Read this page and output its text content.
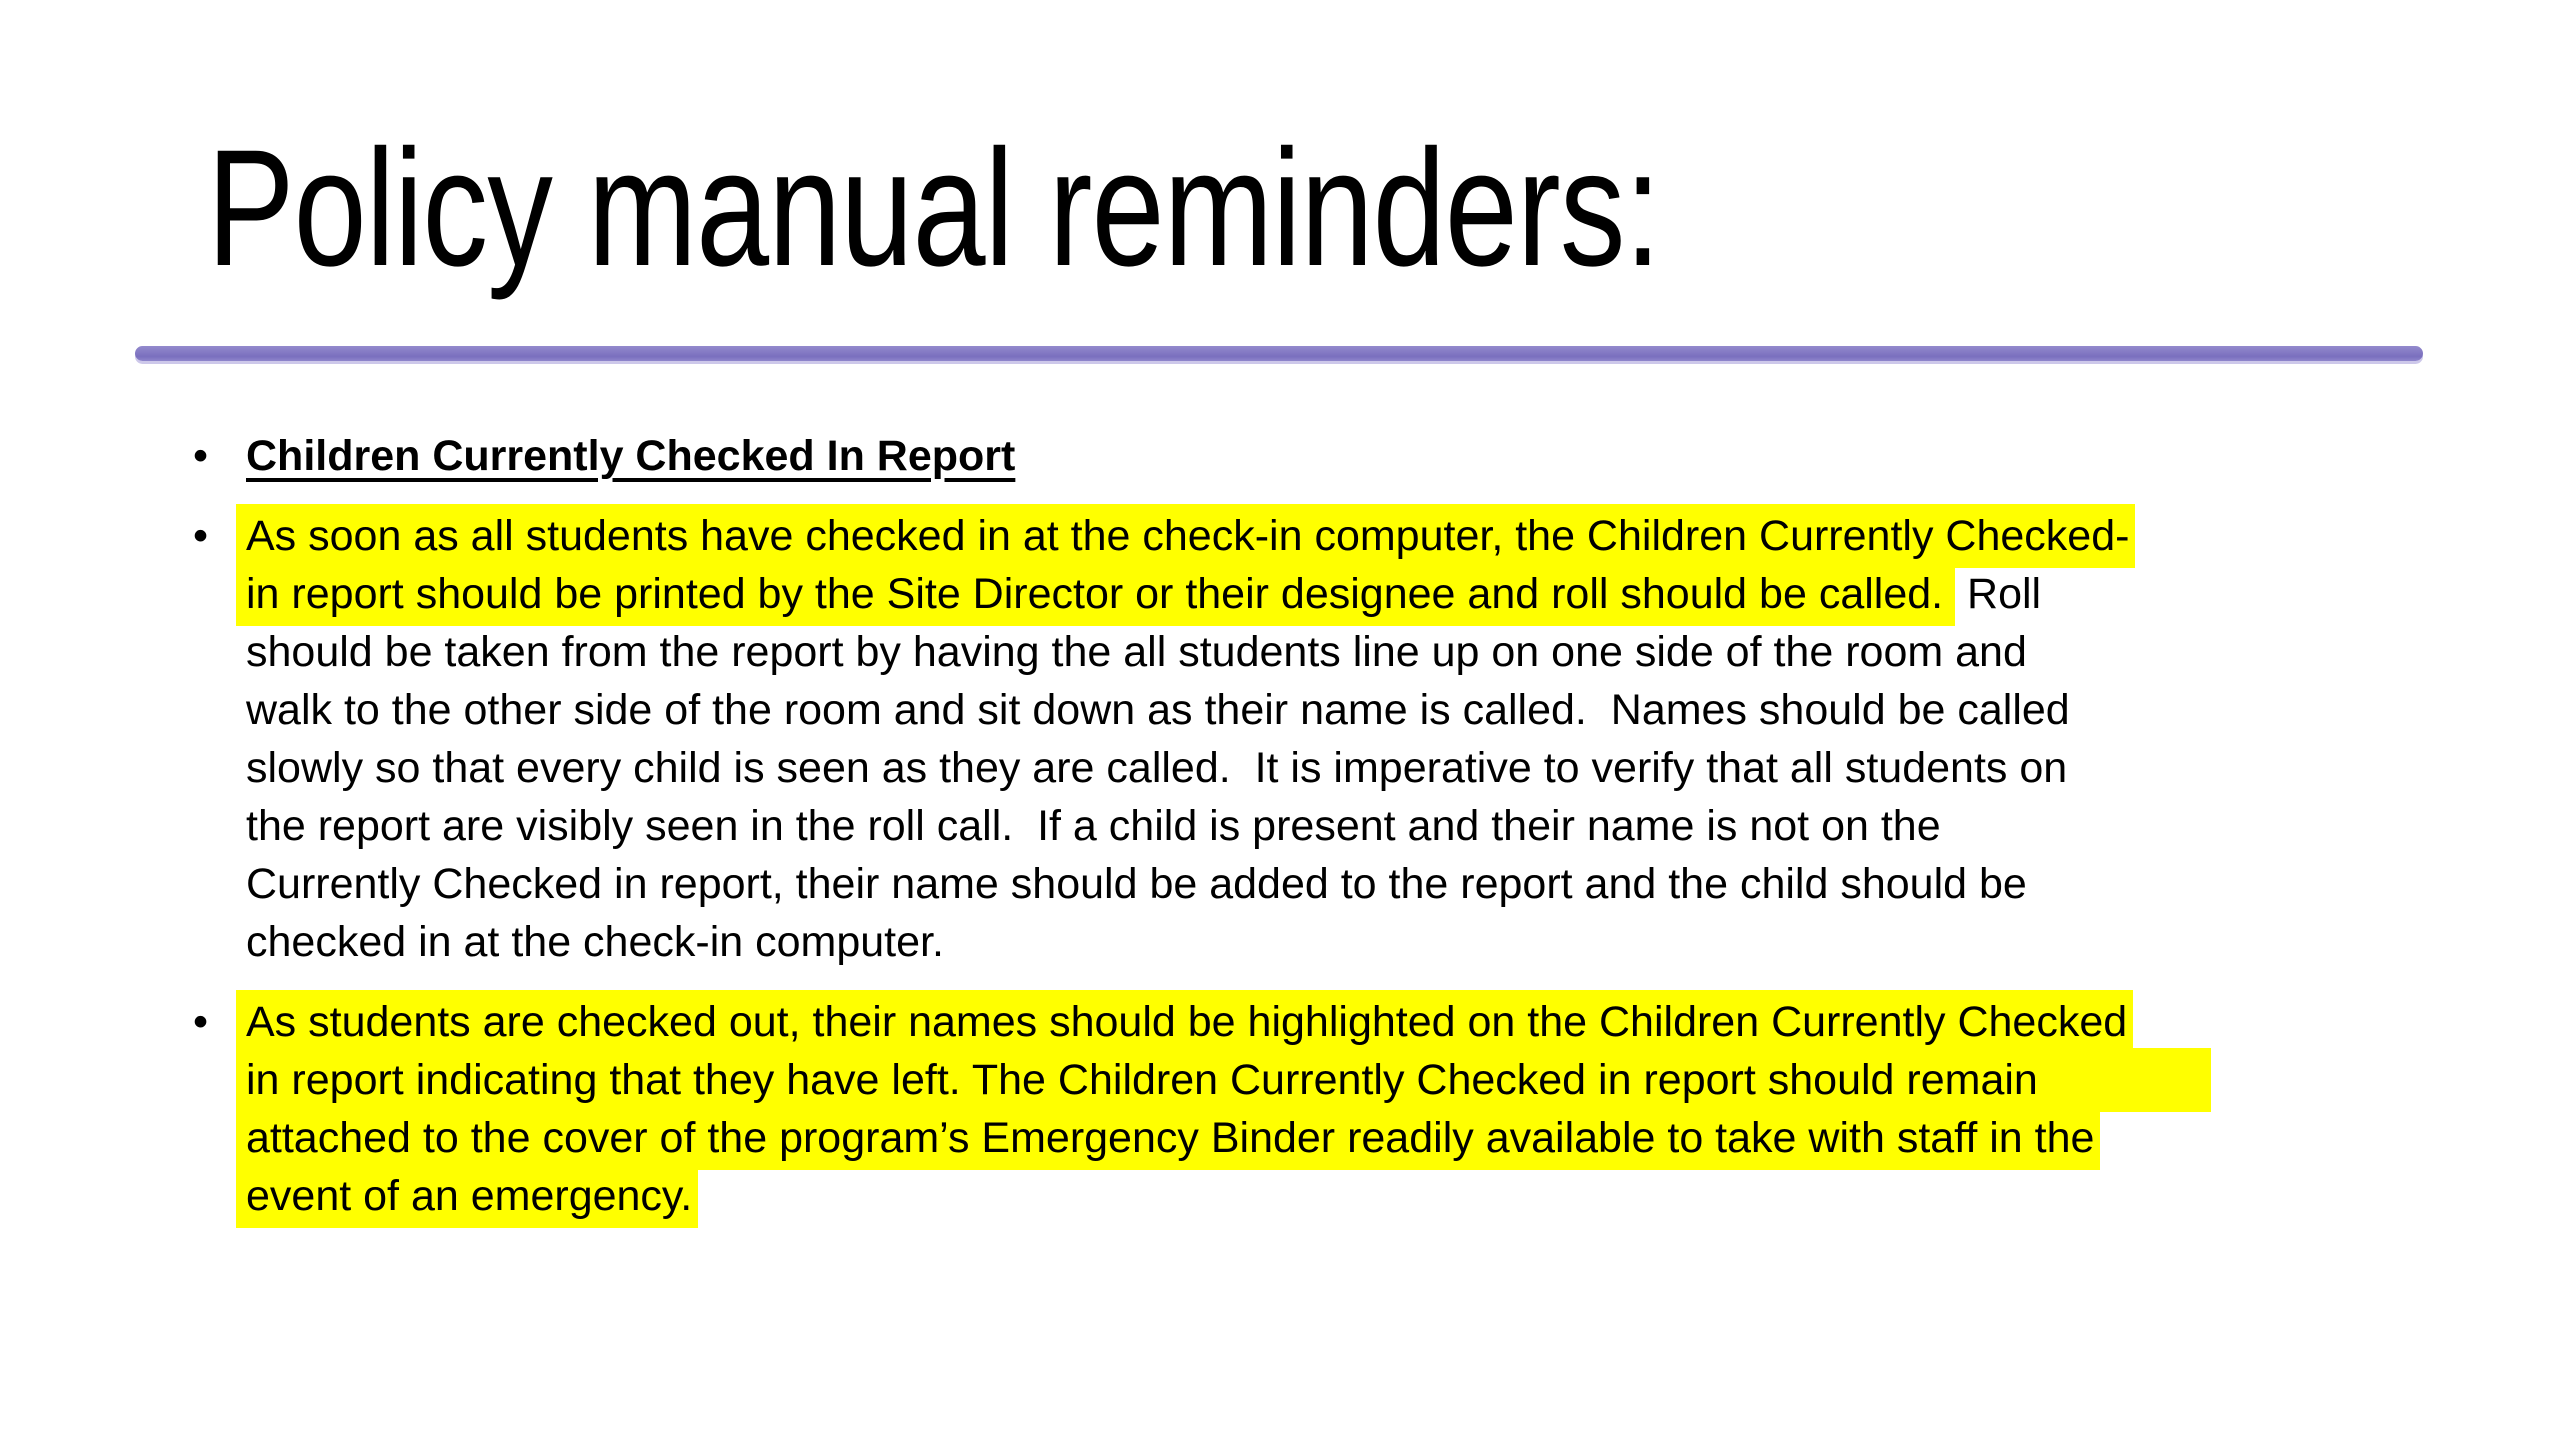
Policy manual reminders:
• Children Currently Checked In Report
• As soon as all students have checked in at the check-in computer, the Children Currently Checked-
in report should be printed by the Site Director or their designee and roll should be called.  Roll
should be taken from the report by having the all students line up on one side of the room and
walk to the other side of the room and sit down as their name is called.  Names should be called
slowly so that every child is seen as they are called.  It is imperative to verify that all students on
the report are visibly seen in the roll call.  If a child is present and their name is not on the
Currently Checked in report, their name should be added to the report and the child should be
checked in at the check-in computer.
• As students are checked out, their names should be highlighted on the Children Currently Checked
in report indicating that they have left. The Children Currently Checked in report should remain
attached to the cover of the program’s Emergency Binder readily available to take with staff in the
event of an emergency.
